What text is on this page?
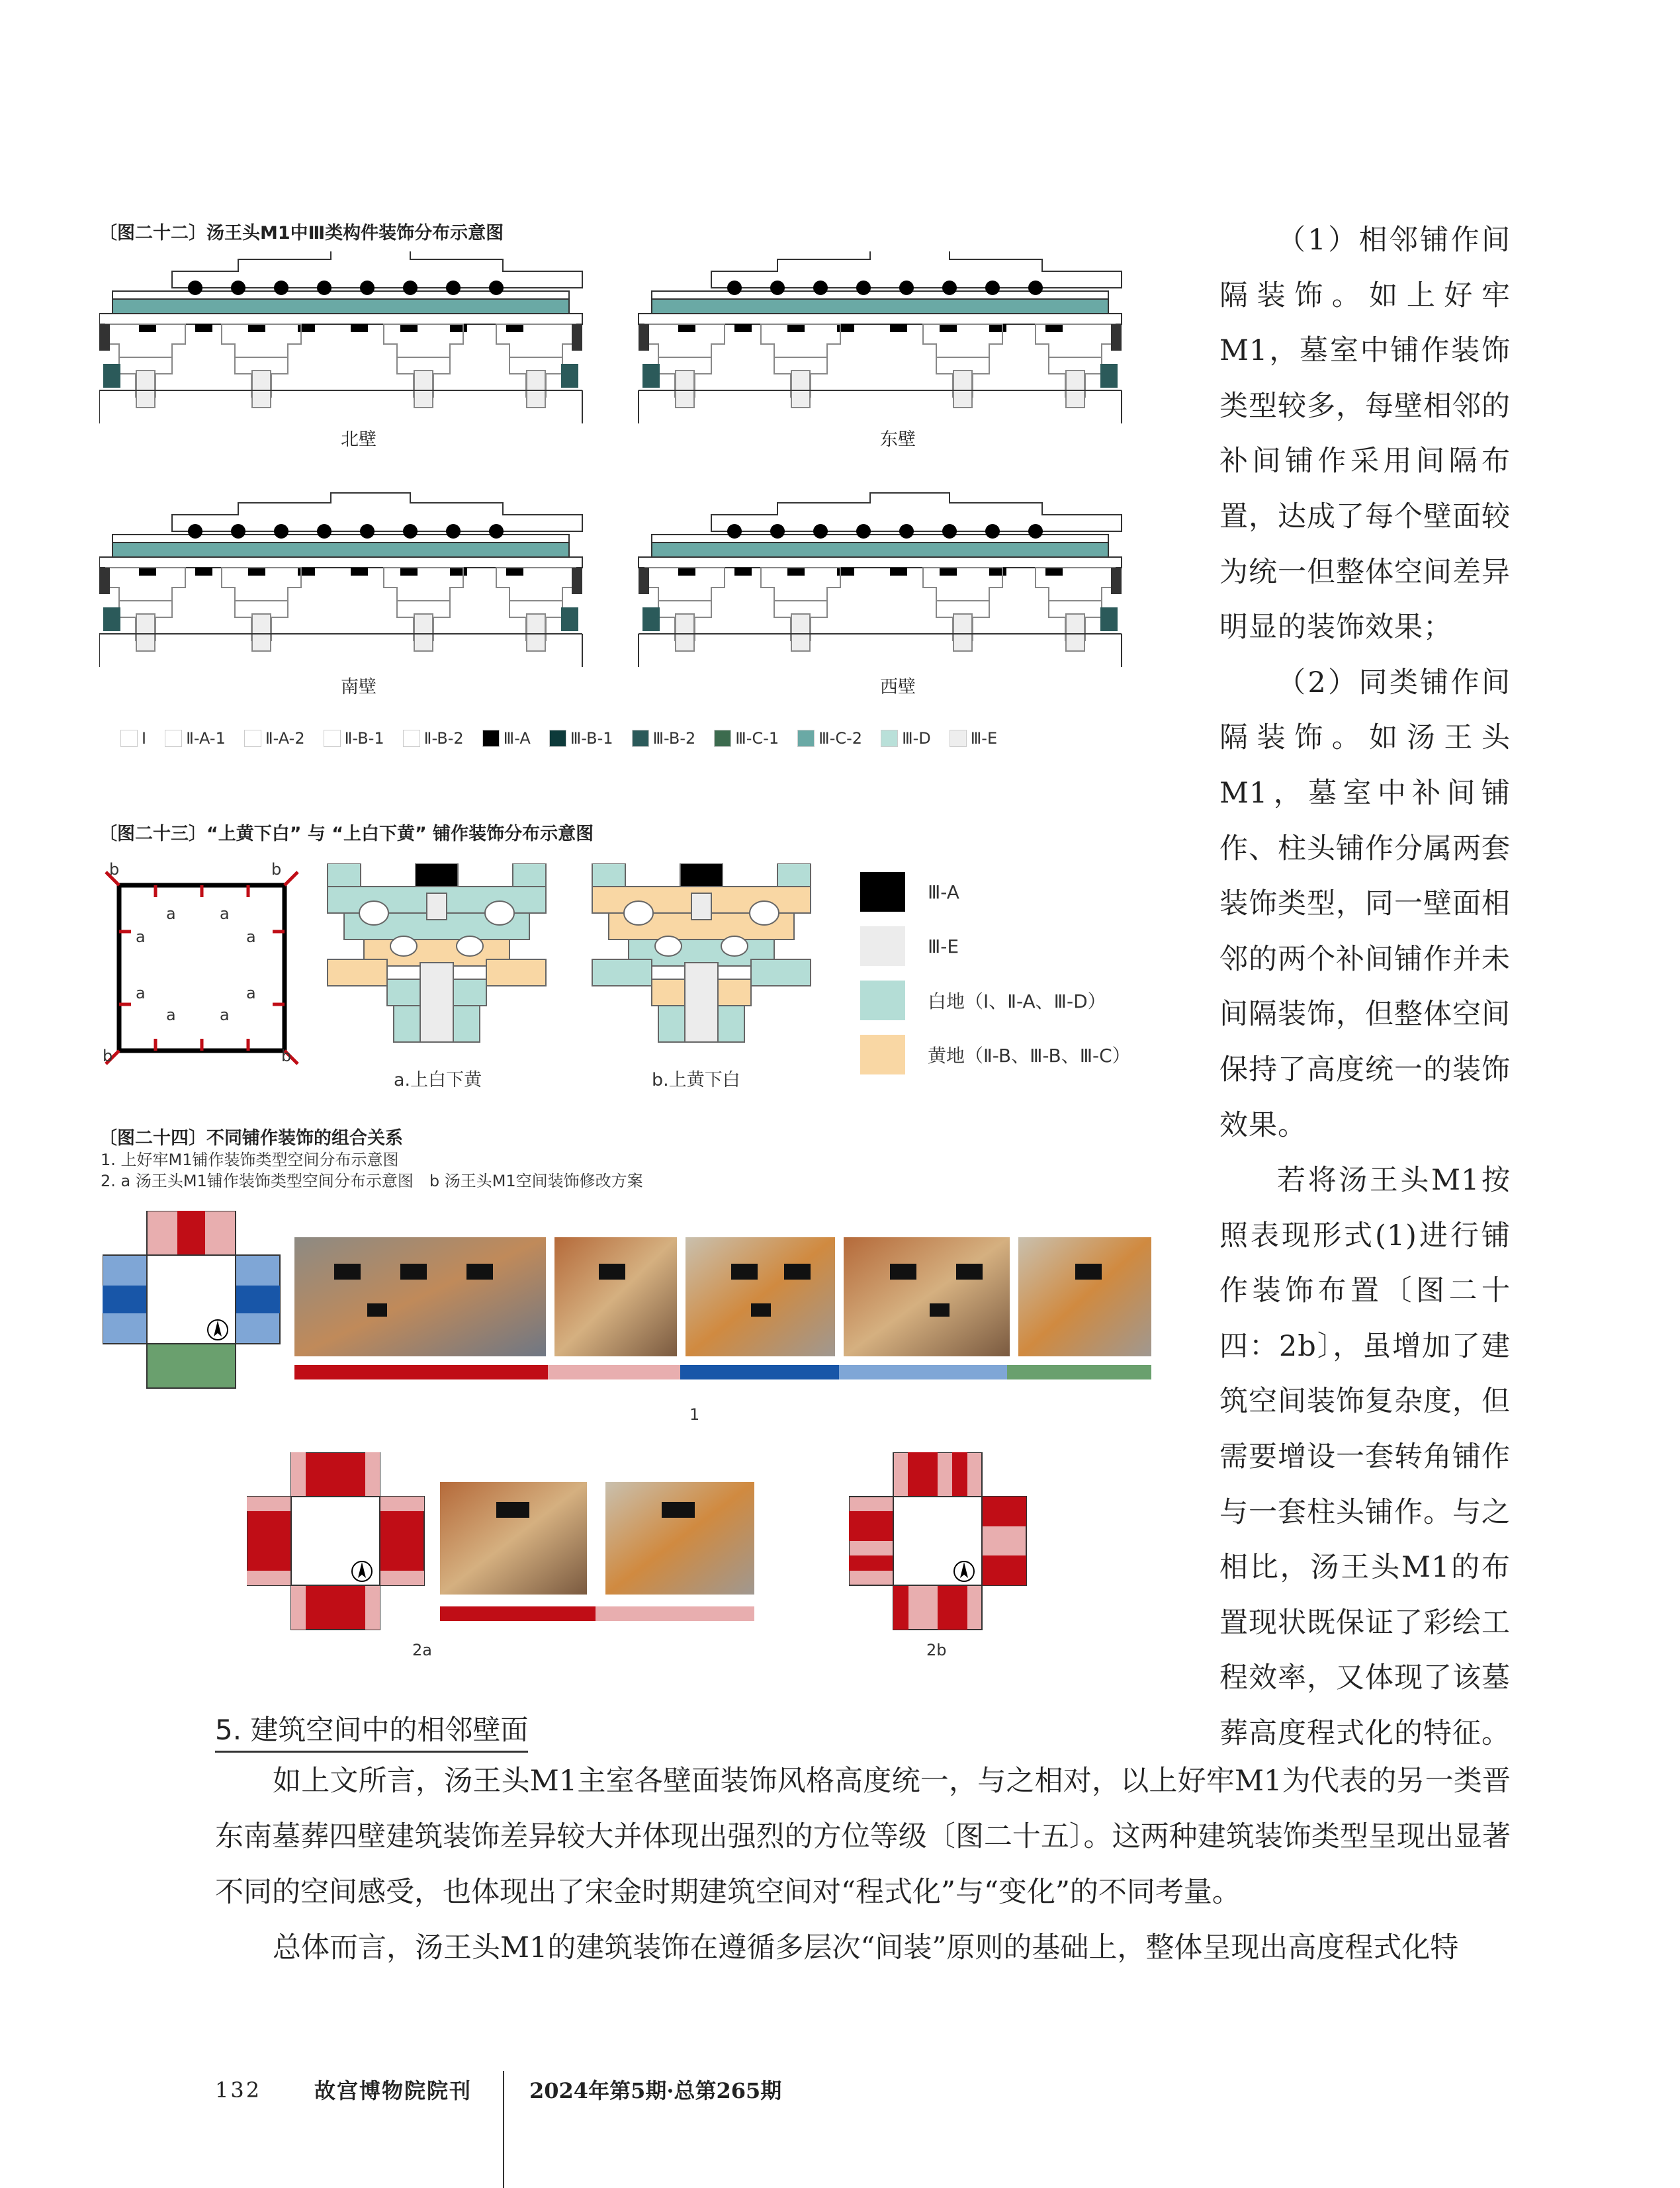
〔图二十二〕汤王头M1中Ⅲ类构件装饰分布示意图
北壁	东壁
南壁	西壁
Ⅰ	Ⅱ-A-1	Ⅱ-A-2	Ⅱ-B-1	Ⅱ-B-2	Ⅲ-A	Ⅲ-B-1	Ⅲ-B-2	Ⅲ-C-1	Ⅲ-C-2	Ⅲ-D	Ⅲ-E
〔图二十三〕“上黄下白” 与 “上白下黄” 铺作装饰分布示意图
b	b
b	b
a	a
a	a
a	a
a	a
a.上白下黄	b.上黄下白
Ⅲ-A
Ⅲ-E
白地（Ⅰ、Ⅱ-A、Ⅲ-D）
黄地（Ⅱ-B、Ⅲ-B、Ⅲ-C）
〔图二十四〕不同铺作装饰的组合关系
1. 上好牢M1铺作装饰类型空间分布示意图
2. a 汤王头M1铺作装饰类型空间分布示意图　b 汤王头M1空间装饰修改方案
1
2a	2b

（1）相邻铺作间隔装饰。如上好牢M1，墓室中铺作装饰类型较多，每壁相邻的补间铺作采用间隔布置，达成了每个壁面较为统一但整体空间差异明显的装饰效果；

（2）同类铺作间隔装饰。如汤王头M1，墓室中补间铺作、柱头铺作分属两套装饰类型，同一壁面相邻的两个补间铺作并未间隔装饰，但整体空间保持了高度统一的装饰效果。

若将汤王头M1按照表现形式(1)进行铺作装饰布置〔图二十四：2b〕，虽增加了建筑空间装饰复杂度，但需要增设一套转角铺作与一套柱头铺作。与之相比，汤王头M1的布置现状既保证了彩绘工程效率，又体现了该墓葬高度程式化的特征。

5. 建筑空间中的相邻壁面

如上文所言，汤王头M1主室各壁面装饰风格高度统一，与之相对，以上好牢M1为代表的另一类晋东南墓葬四壁建筑装饰差异较大并体现出强烈的方位等级〔图二十五〕。这两种建筑装饰类型呈现出显著不同的空间感受，也体现出了宋金时期建筑空间对“程式化”与“变化”的不同考量。

总体而言，汤王头M1的建筑装饰在遵循多层次“间装”原则的基础上，整体呈现出高度程式化特

132 故宫博物院院刊	2024年第5期·总第265期
